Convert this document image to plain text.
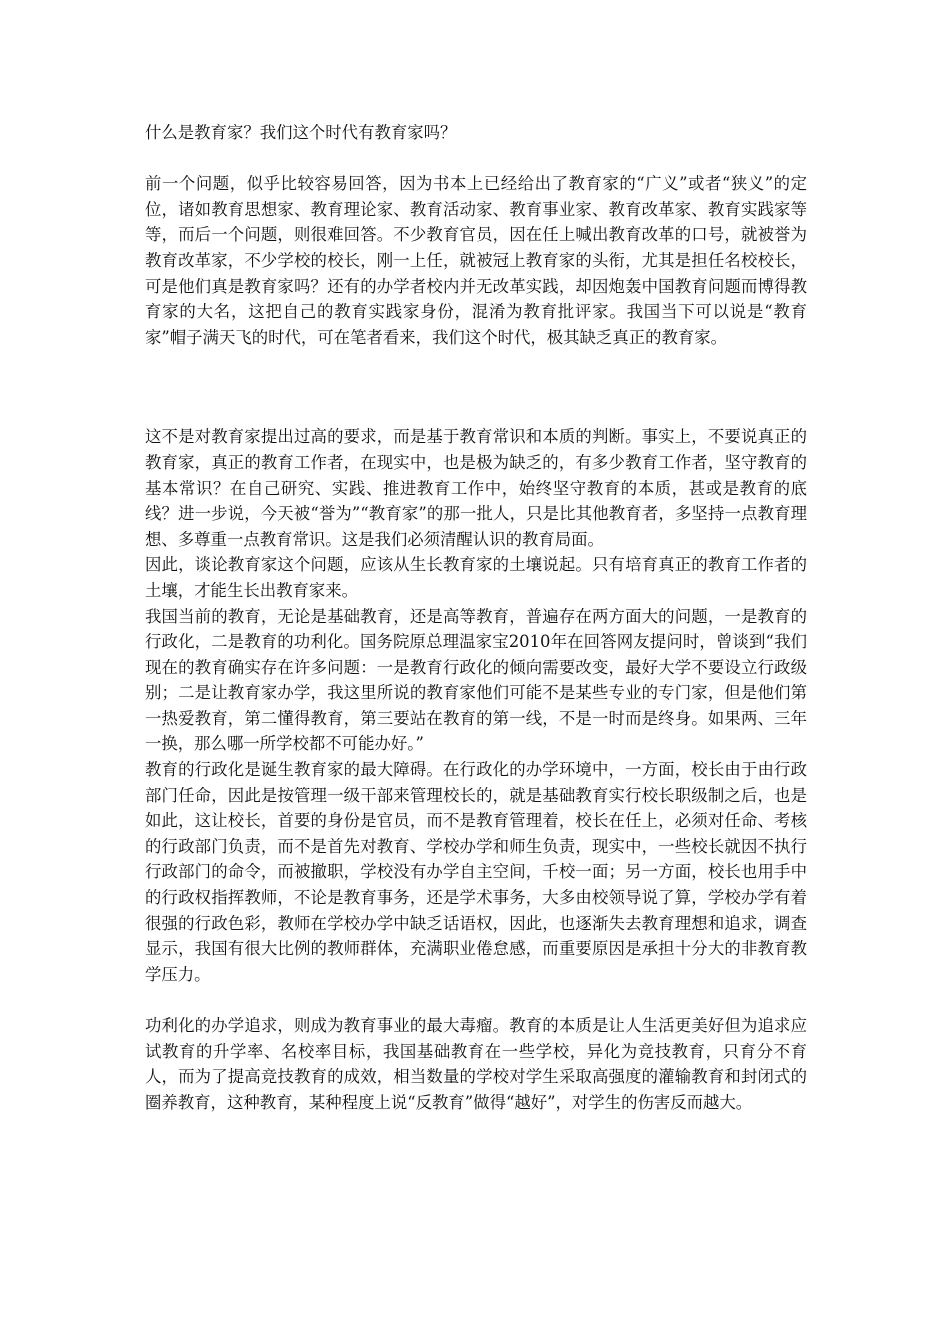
什么是教育家？我们这个时代有教育家吗？

前一个问题，似乎比较容易回答，因为书本上已经给出了教育家的“广义”或者“狭义”的定位，诸如教育思想家、教育理论家、教育活动家、教育事业家、教育改革家、教育实践家等等，而后一个问题，则很难回答。不少教育官员，因在任上喊出教育改革的口号，就被誉为教育改革家，不少学校的校长，刚一上任，就被冠上教育家的头衔，尤其是担任名校校长，可是他们真是教育家吗？还有的办学者校内并无改革实践，却因炮轰中国教育问题而博得教育家的大名，这把自己的教育实践家身份，混淆为教育批评家。我国当下可以说是“教育家”帽子满天飞的时代，可在笔者看来，我们这个时代，极其缺乏真正的教育家。

这不是对教育家提出过高的要求，而是基于教育常识和本质的判断。事实上，不要说真正的教育家，真正的教育工作者，在现实中，也是极为缺乏的，有多少教育工作者，坚守教育的基本常识？在自己研究、实践、推进教育工作中，始终坚守教育的本质，甚或是教育的底线？进一步说，今天被“誉为”“教育家”的那一批人，只是比其他教育者，多坚持一点教育理想、多尊重一点教育常识。这是我们必须清醒认识的教育局面。

因此，谈论教育家这个问题，应该从生长教育家的土壤说起。只有培育真正的教育工作者的土壤，才能生长出教育家来。

我国当前的教育，无论是基础教育，还是高等教育，普遍存在两方面大的问题，一是教育的行政化，二是教育的功利化。国务院原总理温家宝2010年在回答网友提问时，曾谈到“我们现在的教育确实存在许多问题：一是教育行政化的倾向需要改变，最好大学不要设立行政级别；二是让教育家办学，我这里所说的教育家他们可能不是某些专业的专门家，但是他们第一热爱教育，第二懂得教育，第三要站在教育的第一线，不是一时而是终身。如果两、三年一换，那么哪一所学校都不可能办好。”

教育的行政化是诞生教育家的最大障碍。在行政化的办学环境中，一方面，校长由于由行政部门任命，因此是按管理一级干部来管理校长的，就是基础教育实行校长职级制之后，也是如此，这让校长，首要的身份是官员，而不是教育管理着，校长在任上，必须对任命、考核的行政部门负责，而不是首先对教育、学校办学和师生负责，现实中，一些校长就因不执行行政部门的命令，而被撤职，学校没有办学自主空间，千校一面；另一方面，校长也用手中的行政权指挥教师，不论是教育事务，还是学术事务，大多由校领导说了算，学校办学有着很强的行政色彩，教师在学校办学中缺乏话语权，因此，也逐渐失去教育理想和追求，调查显示，我国有很大比例的教师群体，充满职业倦怠感，而重要原因是承担十分大的非教育教学压力。

功利化的办学追求，则成为教育事业的最大毒瘤。教育的本质是让人生活更美好但为追求应试教育的升学率、名校率目标，我国基础教育在一些学校，异化为竞技教育，只育分不育人，而为了提高竞技教育的成效，相当数量的学校对学生采取高强度的灌输教育和封闭式的圈养教育，这种教育，某种程度上说“反教育”做得“越好”，对学生的伤害反而越大。
